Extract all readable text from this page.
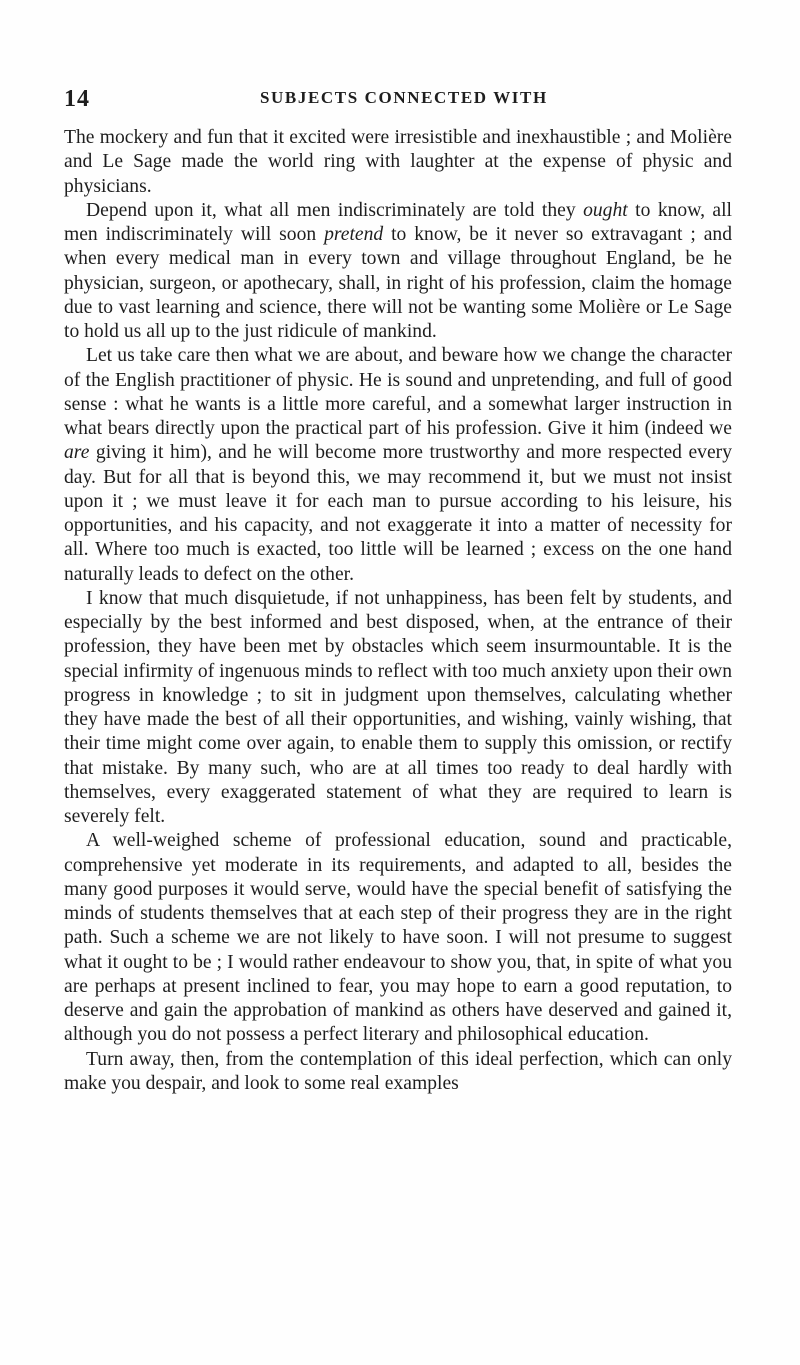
14	SUBJECTS CONNECTED WITH

The mockery and fun that it excited were irresistible and inexhaustible ; and Molière and Le Sage made the world ring with laughter at the expense of physic and physicians.

Depend upon it, what all men indiscriminately are told they ought to know, all men indiscriminately will soon pretend to know, be it never so extravagant ; and when every medical man in every town and village throughout England, be he physician, surgeon, or apothecary, shall, in right of his profession, claim the homage due to vast learning and science, there will not be wanting some Molière or Le Sage to hold us all up to the just ridicule of mankind.

Let us take care then what we are about, and beware how we change the character of the English practitioner of physic. He is sound and unpretending, and full of good sense : what he wants is a little more careful, and a somewhat larger instruction in what bears directly upon the practical part of his profession. Give it him (indeed we are giving it him), and he will become more trustworthy and more respected every day. But for all that is beyond this, we may recommend it, but we must not insist upon it ; we must leave it for each man to pursue according to his leisure, his opportunities, and his capacity, and not exaggerate it into a matter of necessity for all. Where too much is exacted, too little will be learned ; excess on the one hand naturally leads to defect on the other.

I know that much disquietude, if not unhappiness, has been felt by students, and especially by the best informed and best disposed, when, at the entrance of their profession, they have been met by obstacles which seem insurmountable. It is the special infirmity of ingenuous minds to reflect with too much anxiety upon their own progress in knowledge ; to sit in judgment upon themselves, calculating whether they have made the best of all their opportunities, and wishing, vainly wishing, that their time might come over again, to enable them to supply this omission, or rectify that mistake. By many such, who are at all times too ready to deal hardly with themselves, every exaggerated statement of what they are required to learn is severely felt.

A well-weighed scheme of professional education, sound and practicable, comprehensive yet moderate in its requirements, and adapted to all, besides the many good purposes it would serve, would have the special benefit of satisfying the minds of students themselves that at each step of their progress they are in the right path. Such a scheme we are not likely to have soon. I will not presume to suggest what it ought to be ; I would rather endeavour to show you, that, in spite of what you are perhaps at present inclined to fear, you may hope to earn a good reputation, to deserve and gain the approbation of mankind as others have deserved and gained it, although you do not possess a perfect literary and philosophical education.

Turn away, then, from the contemplation of this ideal perfection, which can only make you despair, and look to some real examples
